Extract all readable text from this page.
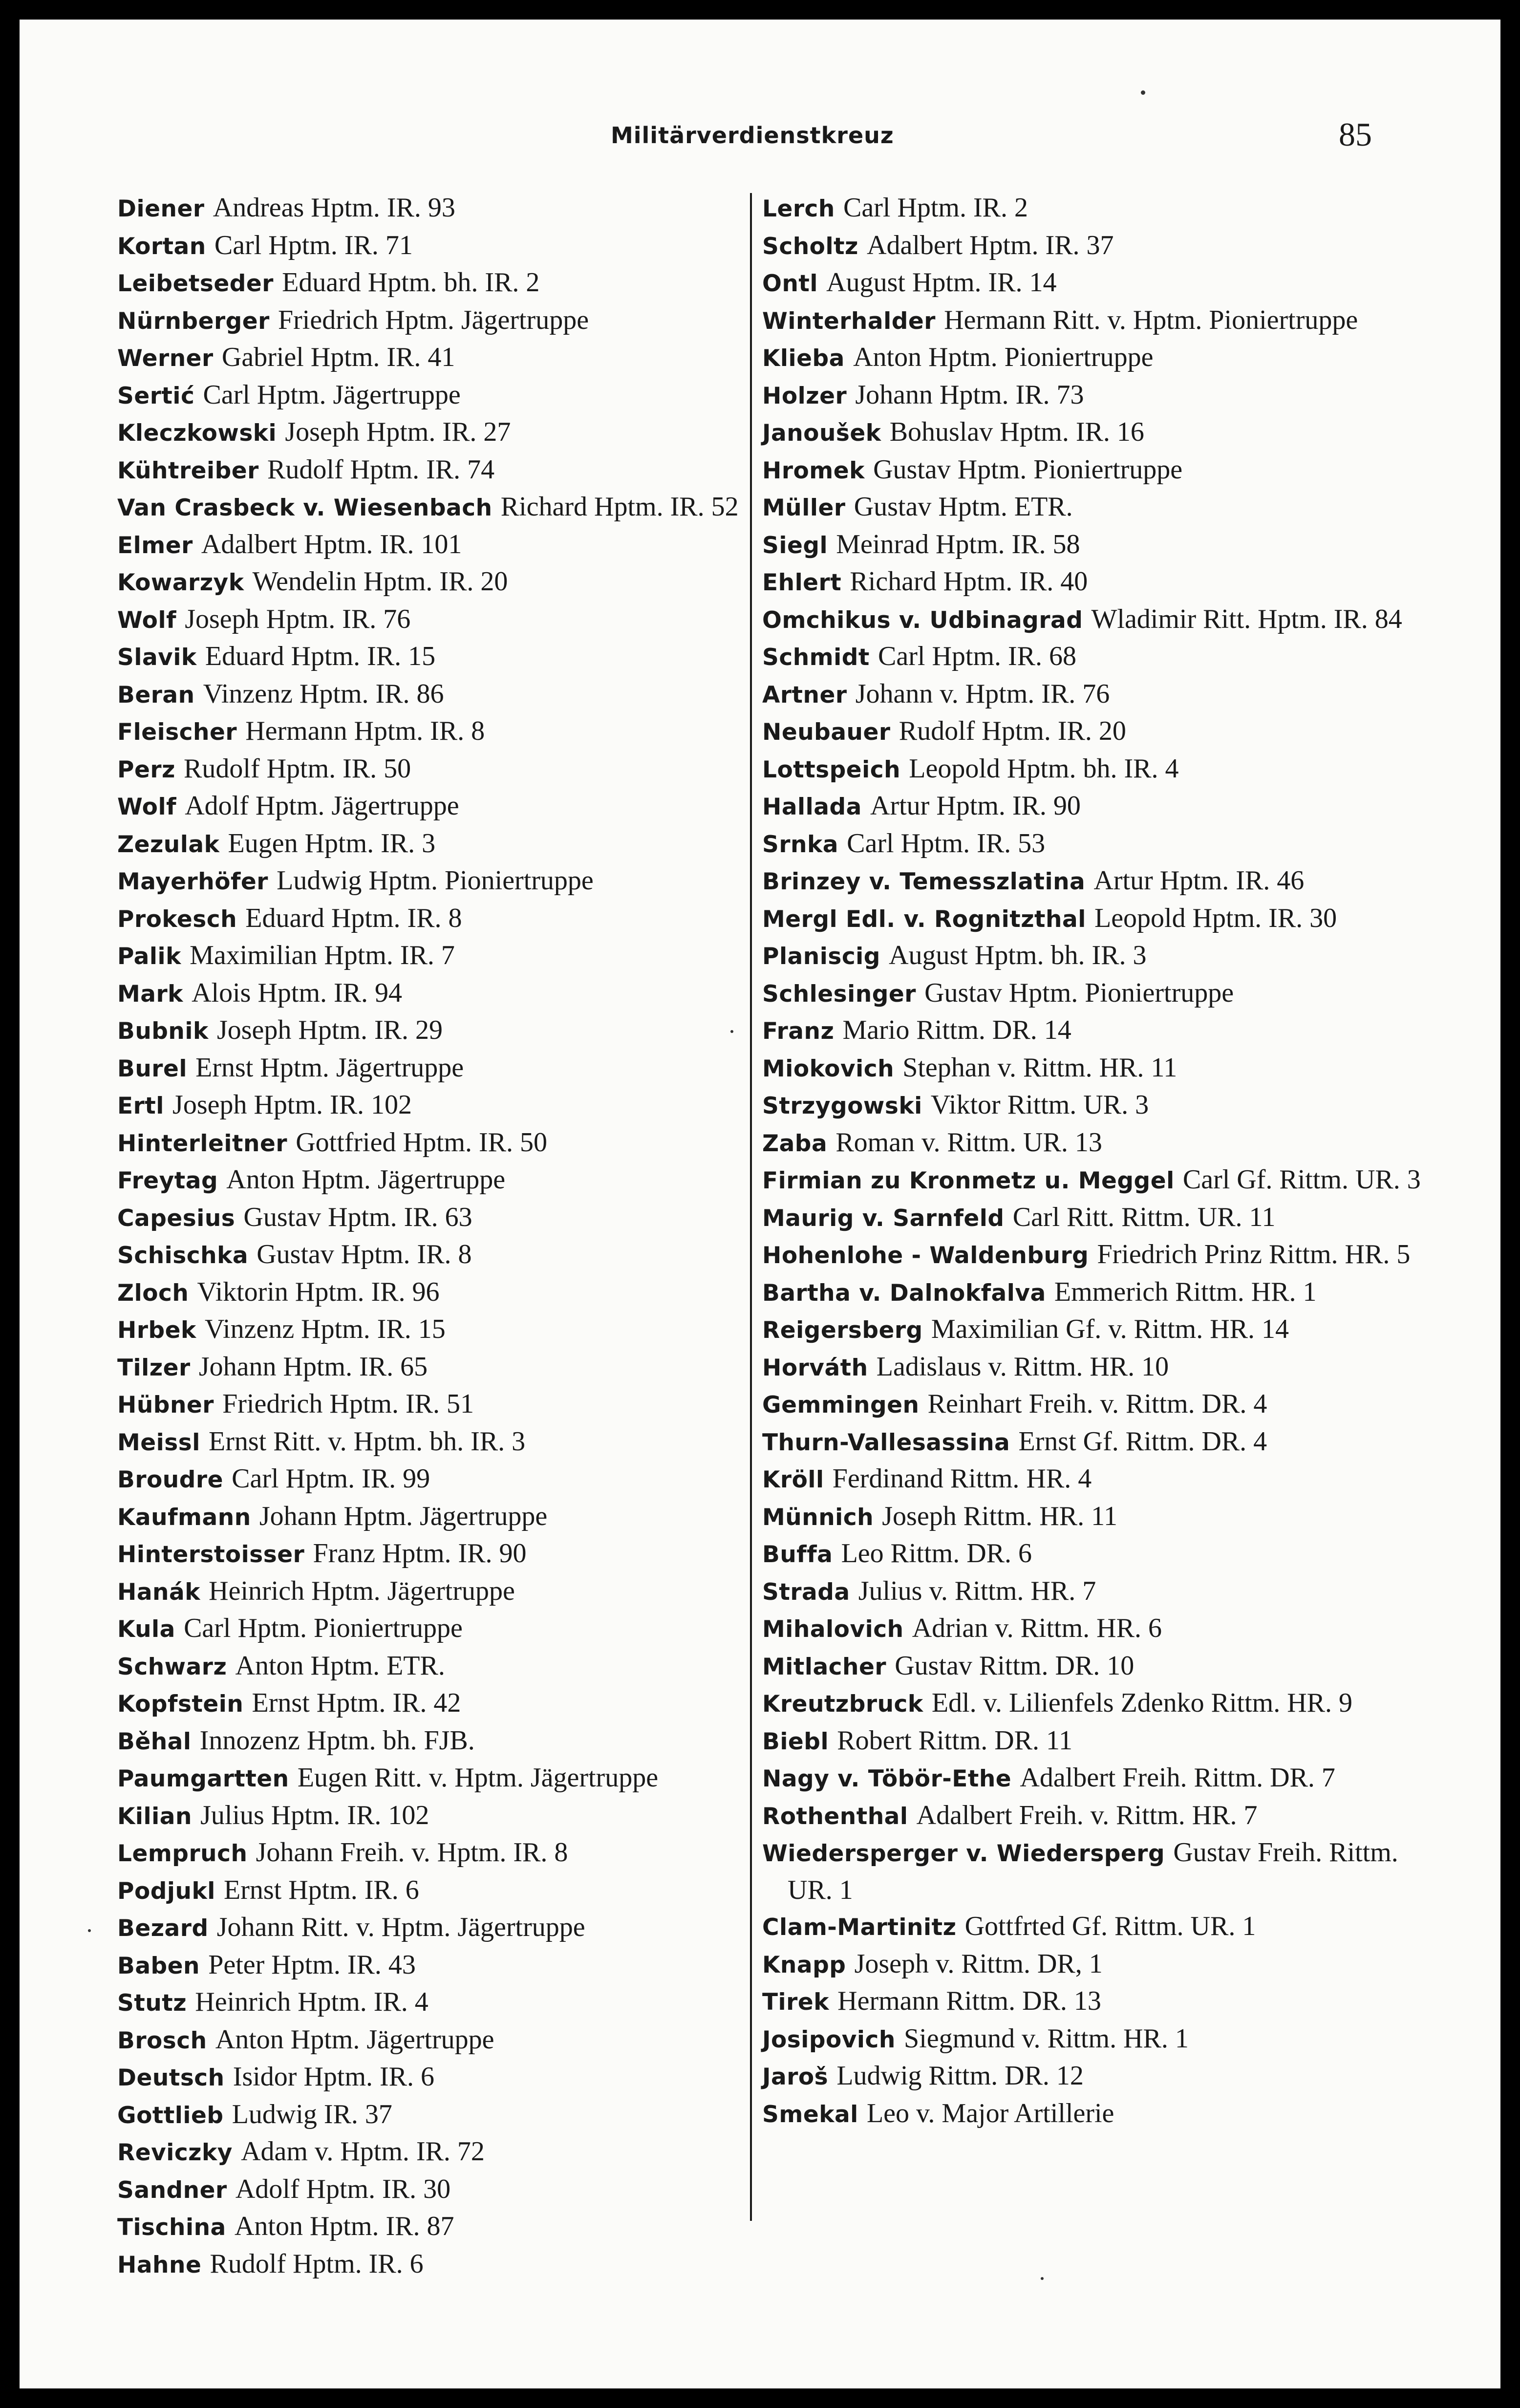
Militärverdienstkreuz	85
Diener Andreas Hptm. IR. 93
Kortan Carl Hptm. IR. 71
Leibetseder Eduard Hptm. bh. IR. 2
Nürnberger Friedrich Hptm. Jägertruppe
Werner Gabriel Hptm. IR. 41
Sertić Carl Hptm. Jägertruppe
Kleczkowski Joseph Hptm. IR. 27
Kühtreiber Rudolf Hptm. IR. 74
Van Crasbeck v. Wiesenbach Richard Hptm. IR. 52
Elmer Adalbert Hptm. IR. 101
Kowarzyk Wendelin Hptm. IR. 20
Wolf Joseph Hptm. IR. 76
Slavik Eduard Hptm. IR. 15
Beran Vinzenz Hptm. IR. 86
Fleischer Hermann Hptm. IR. 8
Perz Rudolf Hptm. IR. 50
Wolf Adolf Hptm. Jägertruppe
Zezulak Eugen Hptm. IR. 3
Mayerhöfer Ludwig Hptm. Pioniertruppe
Prokesch Eduard Hptm. IR. 8
Palik Maximilian Hptm. IR. 7
Mark Alois Hptm. IR. 94
Bubnik Joseph Hptm. IR. 29
Burel Ernst Hptm. Jägertruppe
Ertl Joseph Hptm. IR. 102
Hinterleitner Gottfried Hptm. IR. 50
Freytag Anton Hptm. Jägertruppe
Capesius Gustav Hptm. IR. 63
Schischka Gustav Hptm. IR. 8
Zloch Viktorin Hptm. IR. 96
Hrbek Vinzenz Hptm. IR. 15
Tilzer Johann Hptm. IR. 65
Hübner Friedrich Hptm. IR. 51
Meissl Ernst Ritt. v. Hptm. bh. IR. 3
Broudre Carl Hptm. IR. 99
Kaufmann Johann Hptm. Jägertruppe
Hinterstoisser Franz Hptm. IR. 90
Hanák Heinrich Hptm. Jägertruppe
Kula Carl Hptm. Pioniertruppe
Schwarz Anton Hptm. ETR.
Kopfstein Ernst Hptm. IR. 42
Běhal Innozenz Hptm. bh. FJB.
Paumgartten Eugen Ritt. v. Hptm. Jägertruppe
Kilian Julius Hptm. IR. 102
Lempruch Johann Freih. v. Hptm. IR. 8
Podjukl Ernst Hptm. IR. 6
Bezard Johann Ritt. v. Hptm. Jägertruppe
Baben Peter Hptm. IR. 43
Stutz Heinrich Hptm. IR. 4
Brosch Anton Hptm. Jägertruppe
Deutsch Isidor Hptm. IR. 6
Gottlieb Ludwig IR. 37
Reviczky Adam v. Hptm. IR. 72
Sandner Adolf Hptm. IR. 30
Tischina Anton Hptm. IR. 87
Hahne Rudolf Hptm. IR. 6
Lerch Carl Hptm. IR. 2
Scholtz Adalbert Hptm. IR. 37
Ontl August Hptm. IR. 14
Winterhalder Hermann Ritt. v. Hptm. Pioniertruppe
Klieba Anton Hptm. Pioniertruppe
Holzer Johann Hptm. IR. 73
Janoušek Bohuslav Hptm. IR. 16
Hromek Gustav Hptm. Pioniertruppe
Müller Gustav Hptm. ETR.
Siegl Meinrad Hptm. IR. 58
Ehlert Richard Hptm. IR. 40
Omchikus v. Udbinagrad Wladimir Ritt. Hptm. IR. 84
Schmidt Carl Hptm. IR. 68
Artner Johann v. Hptm. IR. 76
Neubauer Rudolf Hptm. IR. 20
Lottspeich Leopold Hptm. bh. IR. 4
Hallada Artur Hptm. IR. 90
Srnka Carl Hptm. IR. 53
Brinzey v. Temesszlatina Artur Hptm. IR. 46
Mergl Edl. v. Rognitzthal Leopold Hptm. IR. 30
Planiscig August Hptm. bh. IR. 3
Schlesinger Gustav Hptm. Pioniertruppe
Franz Mario Rittm. DR. 14
Miokovich Stephan v. Rittm. HR. 11
Strzygowski Viktor Rittm. UR. 3
Zaba Roman v. Rittm. UR. 13
Firmian zu Kronmetz u. Meggel Carl Gf. Rittm. UR. 3
Maurig v. Sarnfeld Carl Ritt. Rittm. UR. 11
Hohenlohe - Waldenburg Friedrich Prinz Rittm. HR. 5
Bartha v. Dalnokfalva Emmerich Rittm. HR. 1
Reigersberg Maximilian Gf. v. Rittm. HR. 14
Horváth Ladislaus v. Rittm. HR. 10
Gemmingen Reinhart Freih. v. Rittm. DR. 4
Thurn-Vallesassina Ernst Gf. Rittm. DR. 4
Kröll Ferdinand Rittm. HR. 4
Münnich Joseph Rittm. HR. 11
Buffa Leo Rittm. DR. 6
Strada Julius v. Rittm. HR. 7
Mihalovich Adrian v. Rittm. HR. 6
Mitlacher Gustav Rittm. DR. 10
Kreutzbruck Edl. v. Lilienfels Zdenko Rittm. HR. 9
Biebl Robert Rittm. DR. 11
Nagy v. Töbör-Ethe Adalbert Freih. Rittm. DR. 7
Rothenthal Adalbert Freih. v. Rittm. HR. 7
Wiedersperger v. Wiedersperg Gustav Freih. Rittm. UR. 1
Clam-Martinitz Gottfrted Gf. Rittm. UR. 1
Knapp Joseph v. Rittm. DR, 1
Tirek Hermann Rittm. DR. 13
Josipovich Siegmund v. Rittm. HR. 1
Jaroš Ludwig Rittm. DR. 12
Smekal Leo v. Major Artillerie
